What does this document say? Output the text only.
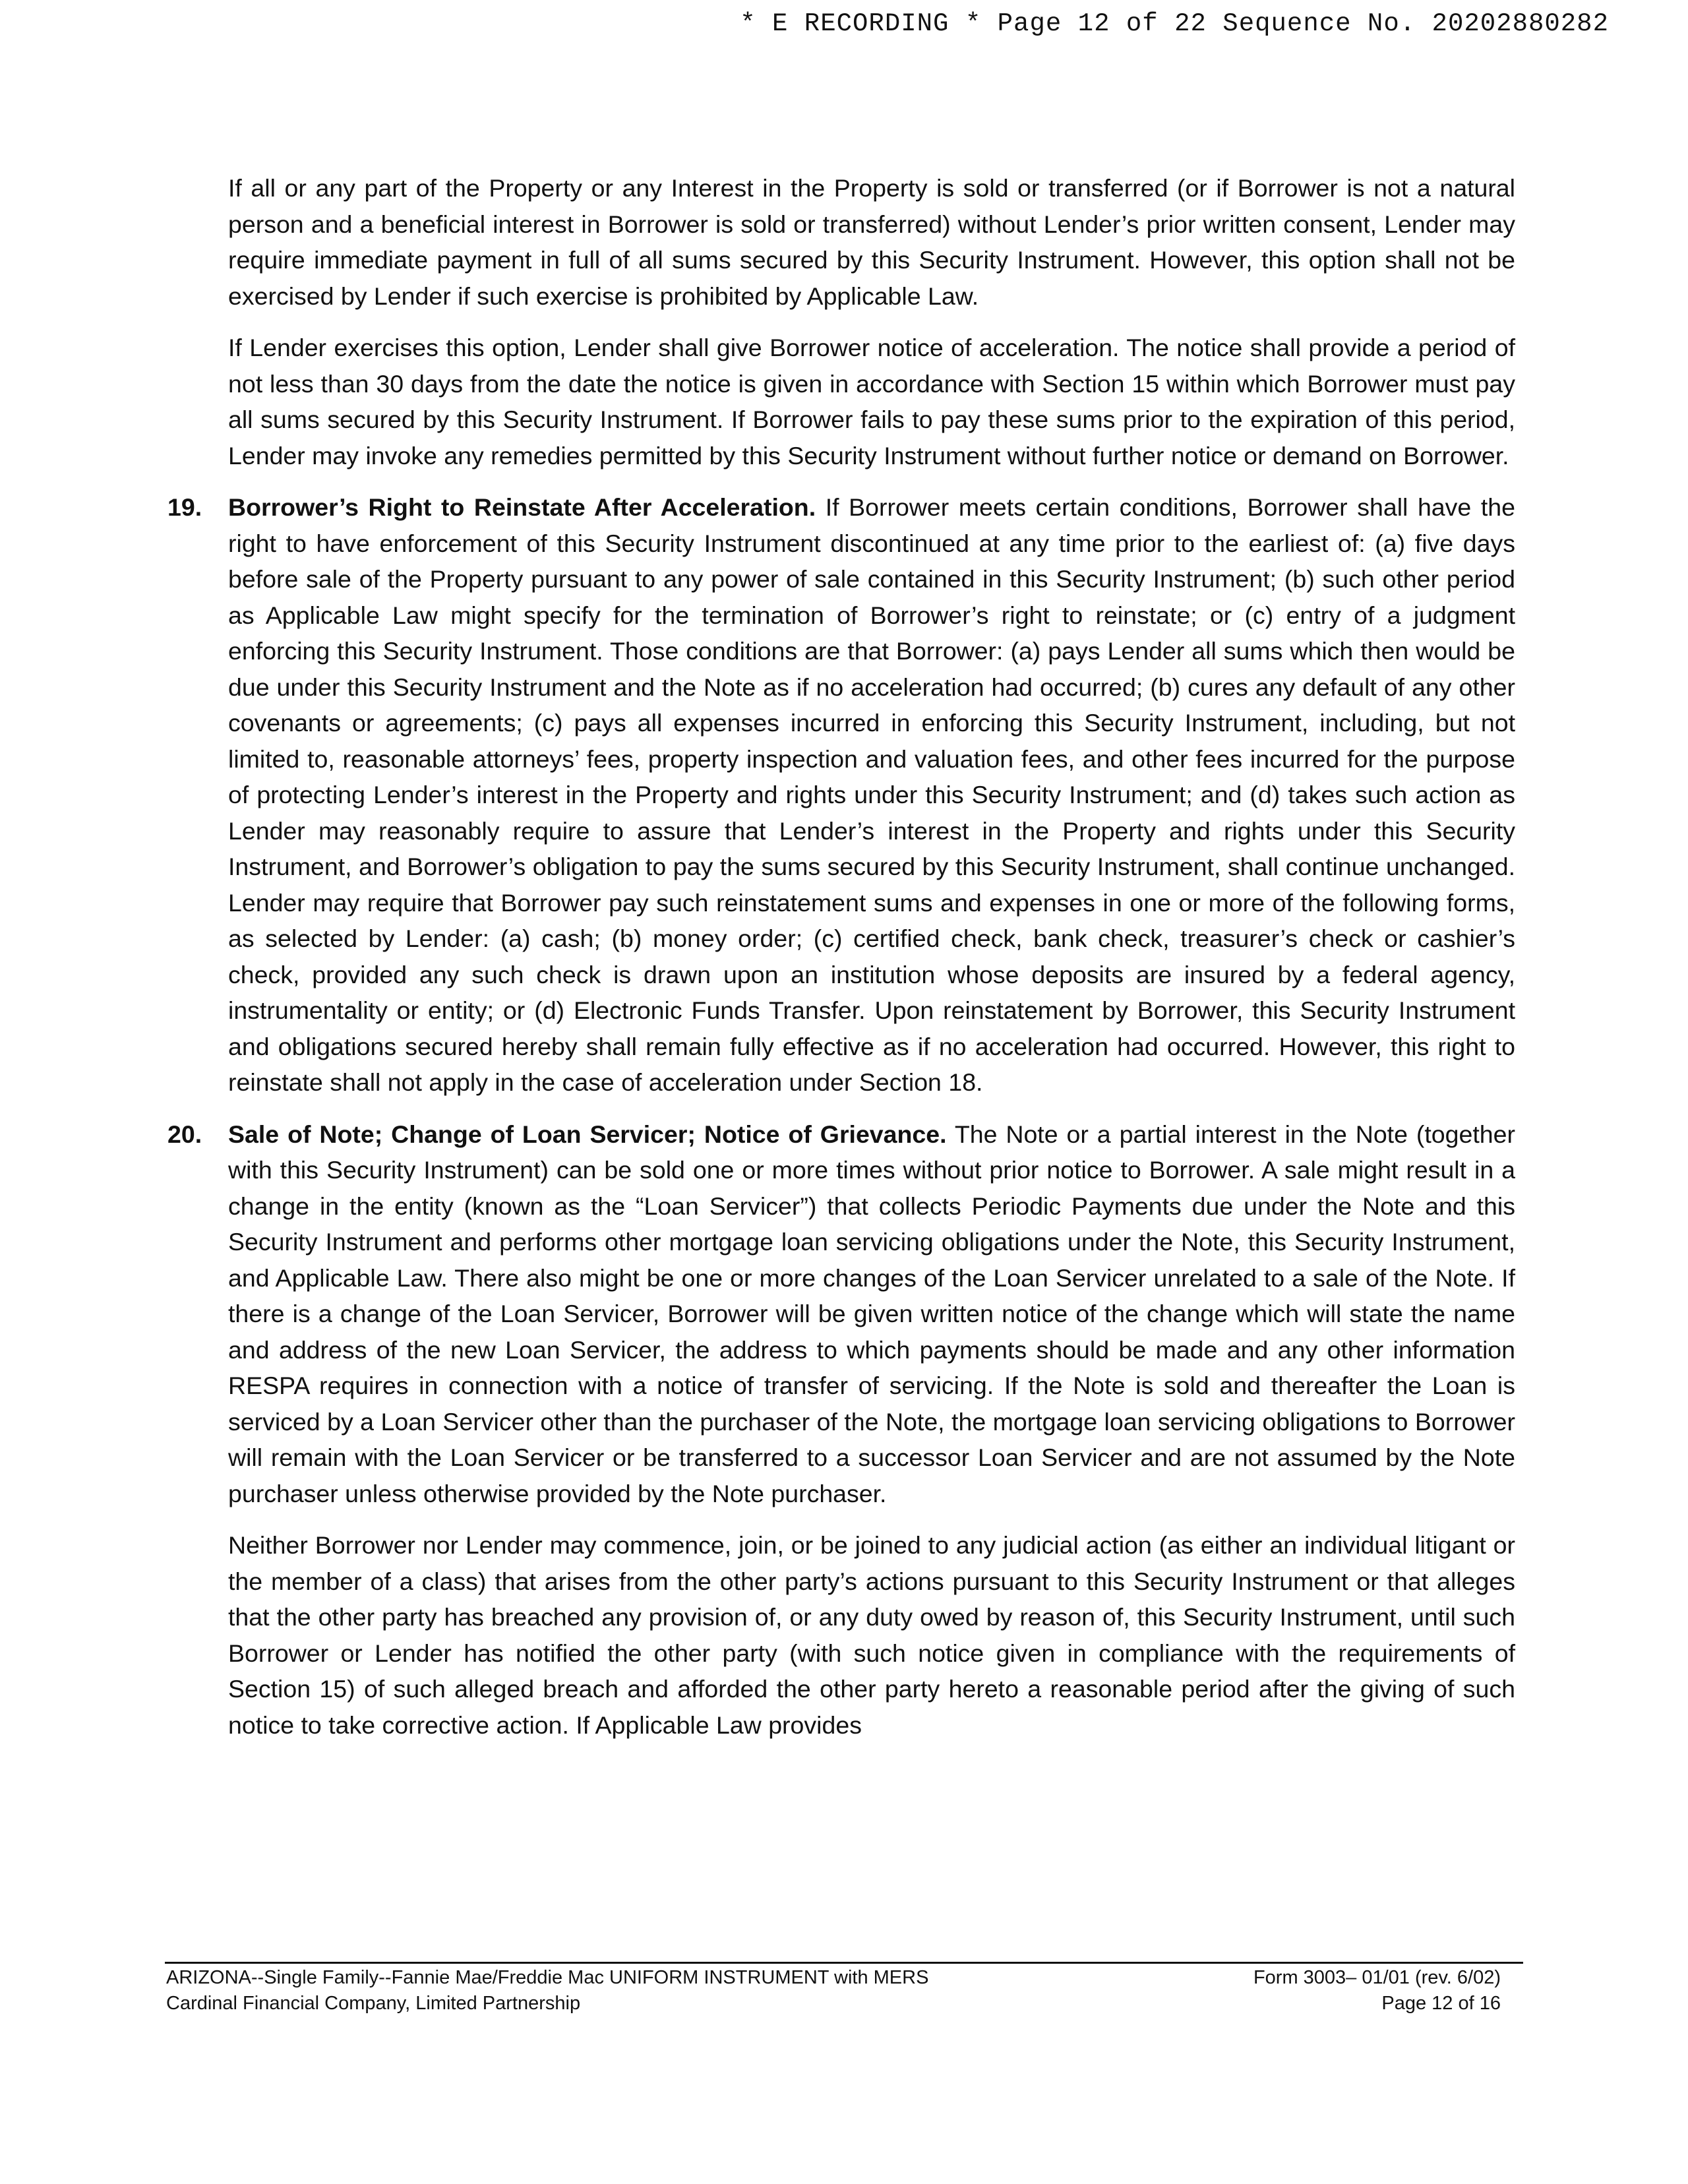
* E RECORDING * Page 12 of 22 Sequence No. 20202880282

If all or any part of the Property or any Interest in the Property is sold or transferred (or if Borrower is not a natural person and a beneficial interest in Borrower is sold or transferred) without Lender’s prior written consent, Lender may require immediate payment in full of all sums secured by this Security Instrument. However, this option shall not be exercised by Lender if such exercise is prohibited by Applicable Law.

If Lender exercises this option, Lender shall give Borrower notice of acceleration. The notice shall provide a period of not less than 30 days from the date the notice is given in accordance with Section 15 within which Borrower must pay all sums secured by this Security Instrument. If Borrower fails to pay these sums prior to the expiration of this period, Lender may invoke any remedies permitted by this Security Instrument without further notice or demand on Borrower.

19. Borrower’s Right to Reinstate After Acceleration. If Borrower meets certain conditions, Borrower shall have the right to have enforcement of this Security Instrument discontinued at any time prior to the earliest of: (a) five days before sale of the Property pursuant to any power of sale contained in this Security Instrument; (b) such other period as Applicable Law might specify for the termination of Borrower’s right to reinstate; or (c) entry of a judgment enforcing this Security Instrument. Those conditions are that Borrower: (a) pays Lender all sums which then would be due under this Security Instrument and the Note as if no acceleration had occurred; (b) cures any default of any other covenants or agreements; (c) pays all expenses incurred in enforcing this Security Instrument, including, but not limited to, reasonable attorneys’ fees, property inspection and valuation fees, and other fees incurred for the purpose of protecting Lender’s interest in the Property and rights under this Security Instrument; and (d) takes such action as Lender may reasonably require to assure that Lender’s interest in the Property and rights under this Security Instrument, and Borrower’s obligation to pay the sums secured by this Security Instrument, shall continue unchanged. Lender may require that Borrower pay such reinstatement sums and expenses in one or more of the following forms, as selected by Lender: (a) cash; (b) money order; (c) certified check, bank check, treasurer’s check or cashier’s check, provided any such check is drawn upon an institution whose deposits are insured by a federal agency, instrumentality or entity; or (d) Electronic Funds Transfer. Upon reinstatement by Borrower, this Security Instrument and obligations secured hereby shall remain fully effective as if no acceleration had occurred. However, this right to reinstate shall not apply in the case of acceleration under Section 18.

20. Sale of Note; Change of Loan Servicer; Notice of Grievance. The Note or a partial interest in the Note (together with this Security Instrument) can be sold one or more times without prior notice to Borrower. A sale might result in a change in the entity (known as the “Loan Servicer”) that collects Periodic Payments due under the Note and this Security Instrument and performs other mortgage loan servicing obligations under the Note, this Security Instrument, and Applicable Law. There also might be one or more changes of the Loan Servicer unrelated to a sale of the Note. If there is a change of the Loan Servicer, Borrower will be given written notice of the change which will state the name and address of the new Loan Servicer, the address to which payments should be made and any other information RESPA requires in connection with a notice of transfer of servicing. If the Note is sold and thereafter the Loan is serviced by a Loan Servicer other than the purchaser of the Note, the mortgage loan servicing obligations to Borrower will remain with the Loan Servicer or be transferred to a successor Loan Servicer and are not assumed by the Note purchaser unless otherwise provided by the Note purchaser.

Neither Borrower nor Lender may commence, join, or be joined to any judicial action (as either an individual litigant or the member of a class) that arises from the other party’s actions pursuant to this Security Instrument or that alleges that the other party has breached any provision of, or any duty owed by reason of, this Security Instrument, until such Borrower or Lender has notified the other party (with such notice given in compliance with the requirements of Section 15) of such alleged breach and afforded the other party hereto a reasonable period after the giving of such notice to take corrective action. If Applicable Law provides

ARIZONA--Single Family--Fannie Mae/Freddie Mac UNIFORM INSTRUMENT with MERS
Cardinal Financial Company, Limited Partnership
Form 3003– 01/01 (rev. 6/02)
Page 12 of 16
